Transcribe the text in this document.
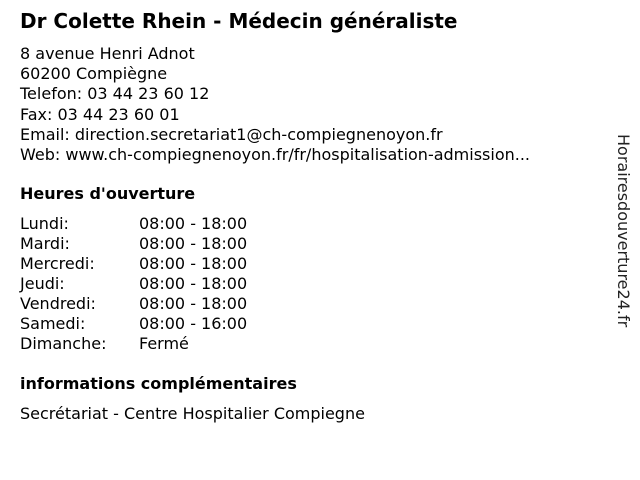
Dr Colette Rhein - Médecin généraliste
8 avenue Henri Adnot
60200 Compiègne
Telefon: 03 44 23 60 12
Fax: 03 44 23 60 01
Email: direction.secretariat1@ch-compiegnenoyon.fr
Web: www.ch-compiegnenoyon.fr/fr/hospitalisation-admission...
Heures d'ouverture
Lundi:	08:00 - 18:00
Mardi:	08:00 - 18:00
Mercredi:	08:00 - 18:00
Jeudi:	08:00 - 18:00
Vendredi:	08:00 - 18:00
Samedi:	08:00 - 16:00
Dimanche: Fermé
informations complémentaires
Secrétariat - Centre Hospitalier Compiegne
Horairesdouverture24.fr
